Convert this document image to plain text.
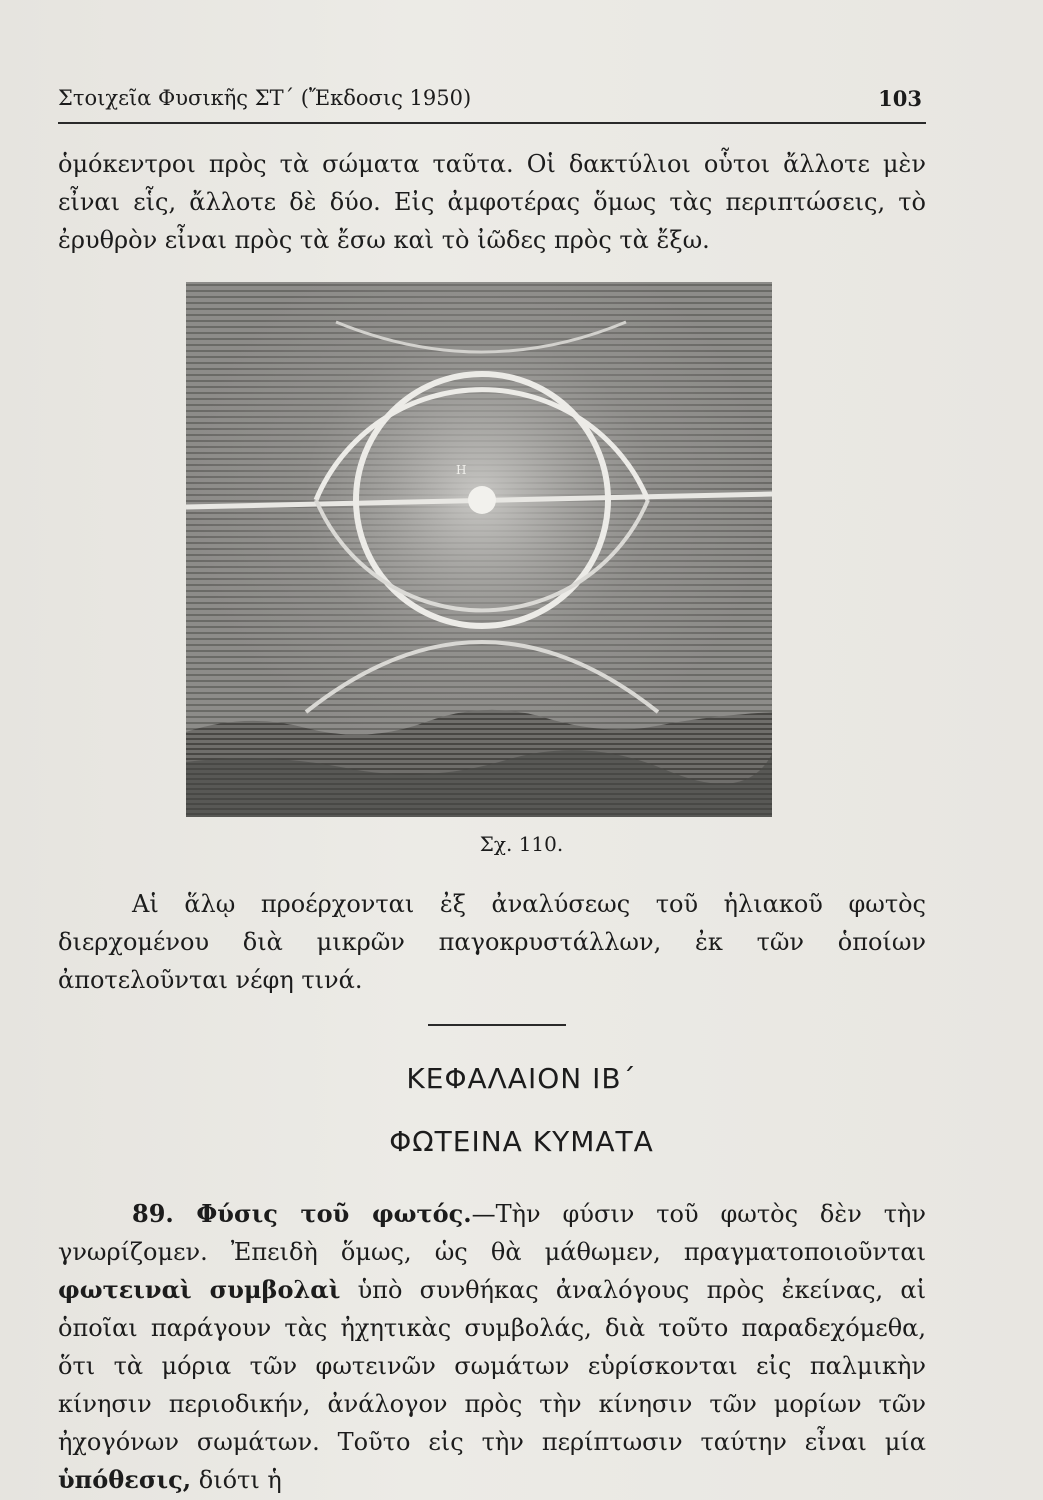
Στοιχεῖα Φυσικῆς ΣΤ΄ (Ἔκδοσις 1950)	103
ὁμόκεντροι πρὸς τὰ σώματα ταῦτα. Οἱ δακτύλιοι οὗτοι ἄλλοτε μὲν εἶναι εἷς, ἄλλοτε δὲ δύο. Εἰς ἀμφοτέρας ὅμως τὰς περιπτώσεις, τὸ ἐρυθρὸν εἶναι πρὸς τὰ ἔσω καὶ τὸ ἰῶδες πρὸς τὰ ἔξω.
Η
Σχ. 110.
Αἱ ἅλῳ προέρχονται ἐξ ἀναλύσεως τοῦ ἡλιακοῦ φωτὸς διερχομένου διὰ μικρῶν παγοκρυστάλλων, ἐκ τῶν ὁποίων ἀποτελοῦνται νέφη τινά.
ΚΕΦΑΛΑΙΟΝ ΙΒ΄
ΦΩΤΕΙΝΑ ΚΥΜΑΤΑ
89. Φύσις τοῦ φωτός.—Τὴν φύσιν τοῦ φωτὸς δὲν τὴν γνωρίζομεν. Ἐπειδὴ ὅμως, ὡς θὰ μάθωμεν, πραγματοποιοῦνται φωτειναὶ συμβολαὶ ὑπὸ συνθήκας ἀναλόγους πρὸς ἐκείνας, αἱ ὁποῖαι παράγουν τὰς ἠχητικὰς συμβολάς, διὰ τοῦτο παραδεχόμεθα, ὅτι τὰ μόρια τῶν φωτεινῶν σωμάτων εὑρίσκονται εἰς παλμικὴν κίνησιν περιοδικήν, ἀνάλογον πρὸς τὴν κίνησιν τῶν μορίων τῶν ἠχογόνων σωμάτων. Τοῦτο εἰς τὴν περίπτωσιν ταύτην εἶναι μία ὑπόθεσις, διότι ἡ
